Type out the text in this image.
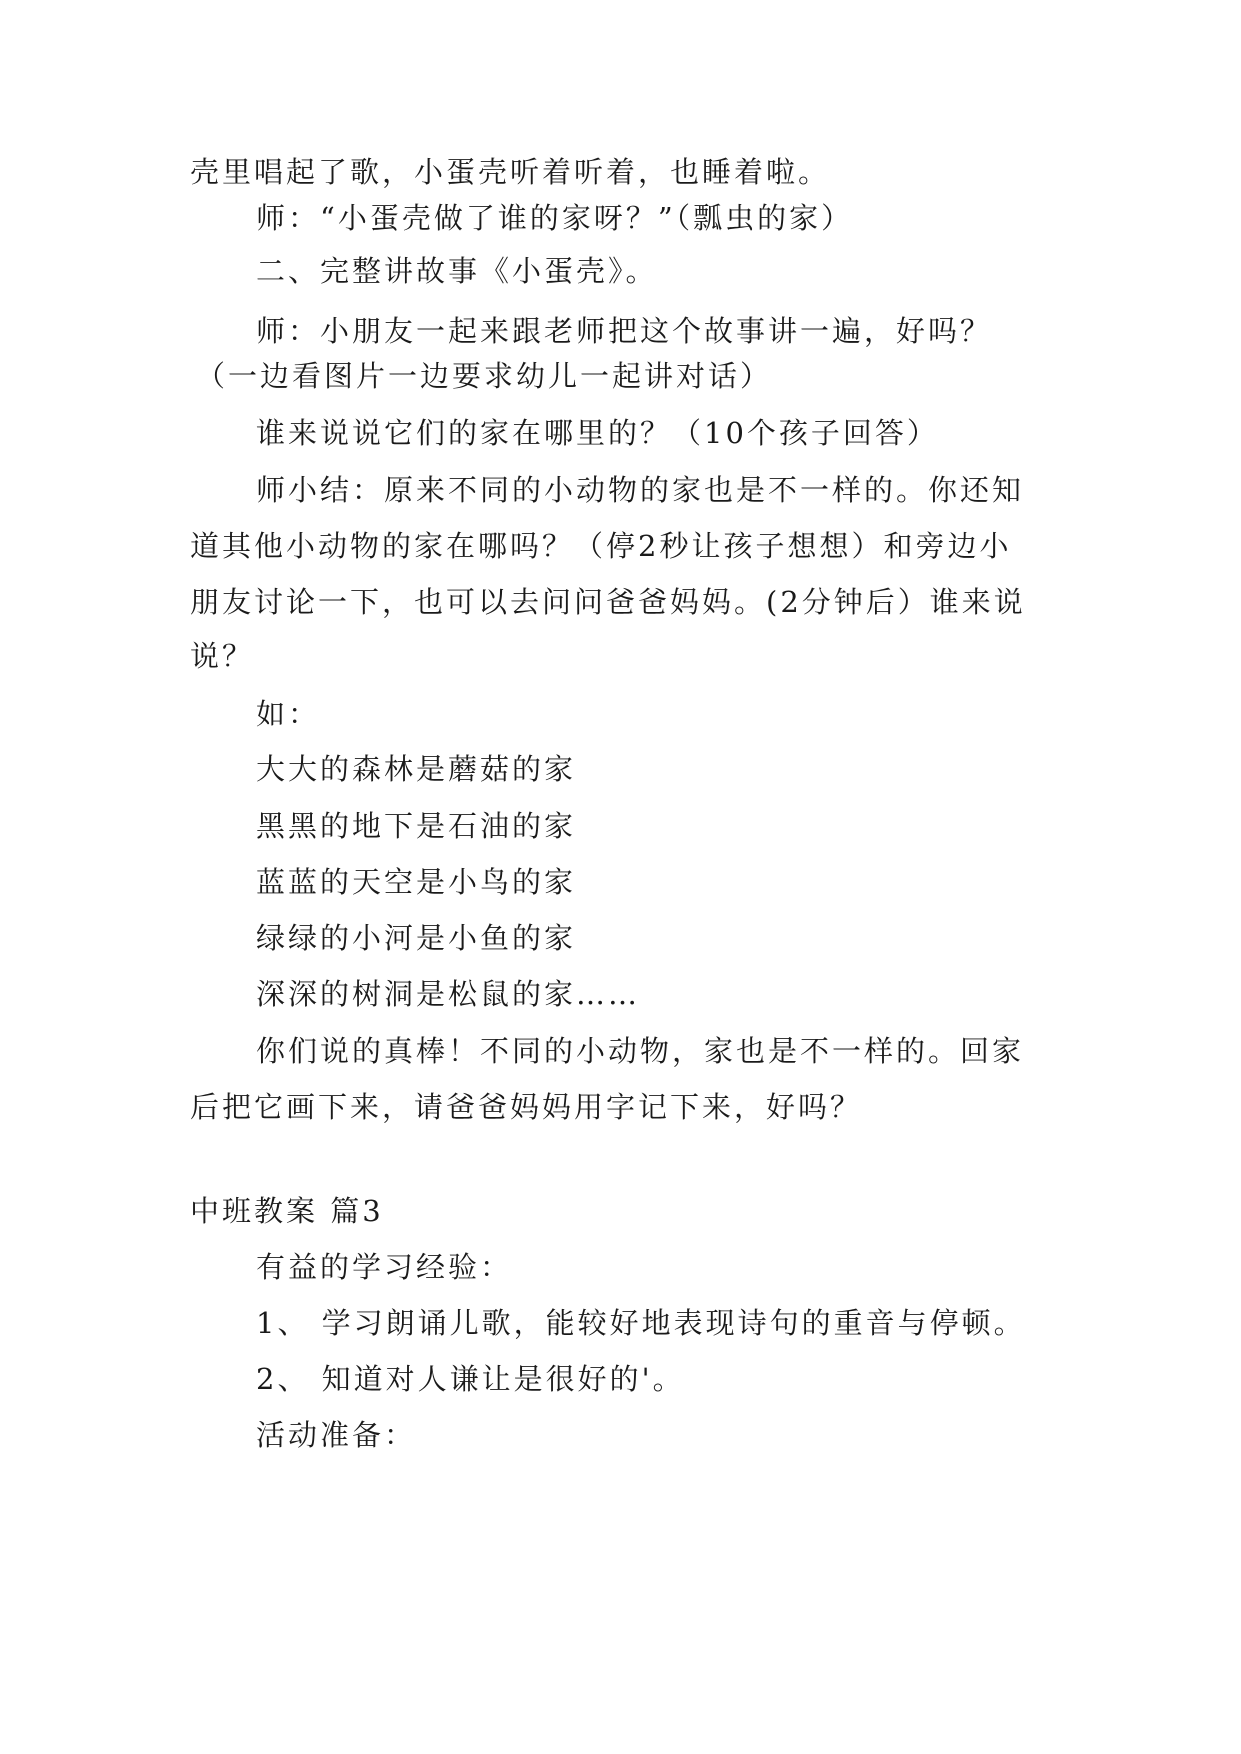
壳里唱起了歌，小蛋壳听着听着，也睡着啦。
师：“小蛋壳做了谁的家呀？”（瓢虫的家）
二、完整讲故事《小蛋壳》。
师：小朋友一起来跟老师把这个故事讲一遍，好吗？
（一边看图片一边要求幼儿一起讲对话）
谁来说说它们的家在哪里的？（10个孩子回答）
师小结：原来不同的小动物的家也是不一样的。你还知
道其他小动物的家在哪吗？（停2秒让孩子想想）和旁边小
朋友讨论一下，也可以去问问爸爸妈妈。(2分钟后）谁来说
说？
如：
大大的森林是蘑菇的家
黑黑的地下是石油的家
蓝蓝的天空是小鸟的家
绿绿的小河是小鱼的家
深深的树洞是松鼠的家……
你们说的真棒！不同的小动物，家也是不一样的。回家
后把它画下来，请爸爸妈妈用字记下来，好吗？
中班教案 篇3
有益的学习经验：
1、 学习朗诵儿歌，能较好地表现诗句的重音与停顿。
2、 知道对人谦让是很好的'。
活动准备：
